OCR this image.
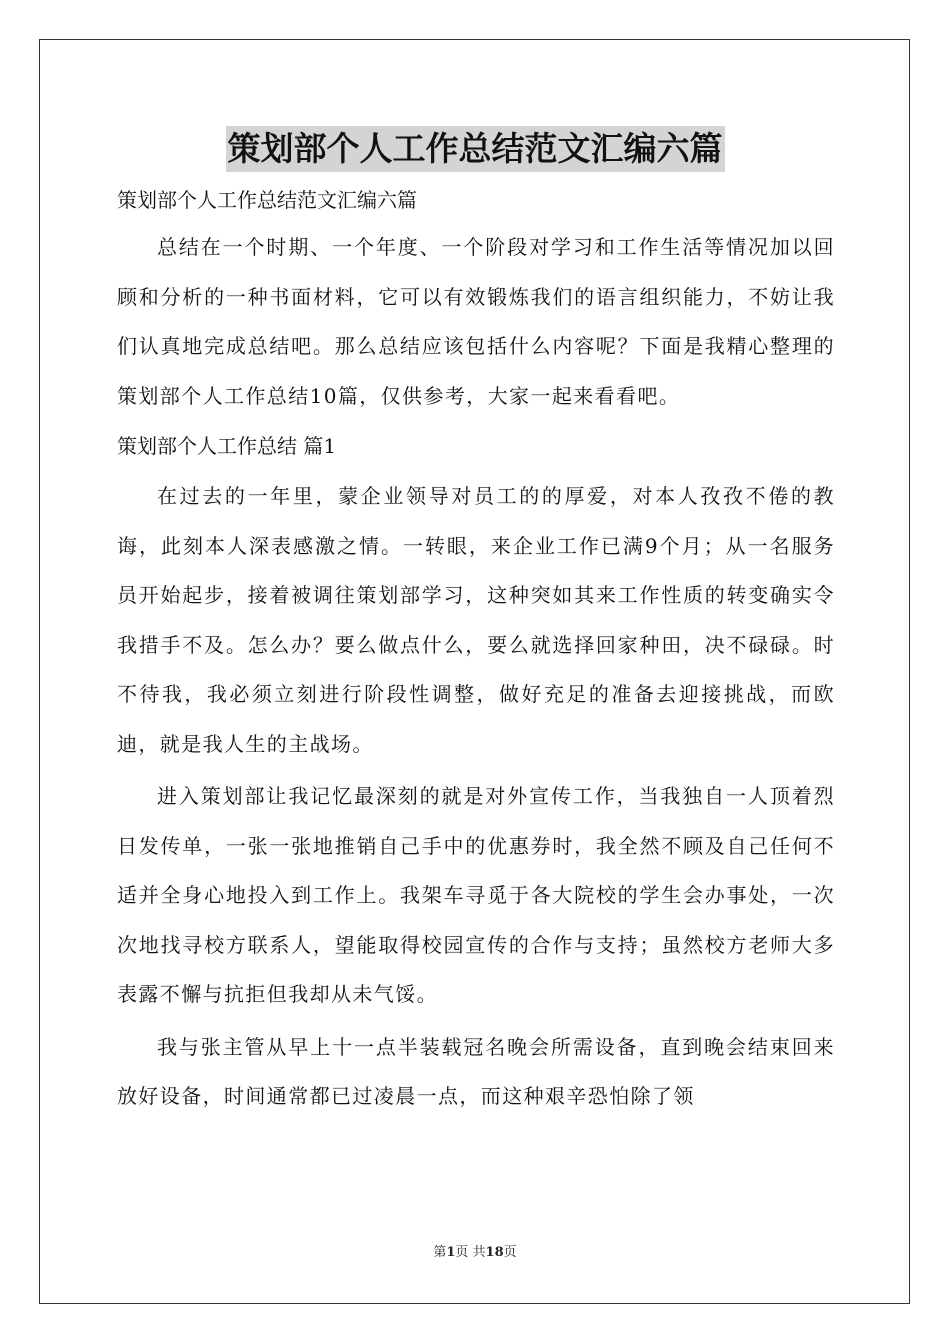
策划部个人工作总结范文汇编六篇

策划部个人工作总结范文汇编六篇

总结在一个时期、一个年度、一个阶段对学习和工作生活等情况加以回顾和分析的一种书面材料，它可以有效锻炼我们的语言组织能力，不妨让我们认真地完成总结吧。那么总结应该包括什么内容呢？下面是我精心整理的策划部个人工作总结10篇，仅供参考，大家一起来看看吧。

策划部个人工作总结 篇1

在过去的一年里，蒙企业领导对员工的的厚爱，对本人孜孜不倦的教诲，此刻本人深表感激之情。一转眼，来企业工作已满9个月；从一名服务员开始起步，接着被调往策划部学习，这种突如其来工作性质的转变确实令我措手不及。怎么办？要么做点什么，要么就选择回家种田，决不碌碌。时不待我，我必须立刻进行阶段性调整，做好充足的准备去迎接挑战，而欧迪，就是我人生的主战场。

进入策划部让我记忆最深刻的就是对外宣传工作，当我独自一人顶着烈日发传单，一张一张地推销自己手中的优惠券时，我全然不顾及自己任何不适并全身心地投入到工作上。我架车寻觅于各大院校的学生会办事处，一次次地找寻校方联系人，望能取得校园宣传的合作与支持；虽然校方老师大多表露不懈与抗拒但我却从未气馁。

我与张主管从早上十一点半装载冠名晚会所需设备，直到晚会结束回来放好设备，时间通常都已过凌晨一点，而这种艰辛恐怕除了领

第1页 共18页
